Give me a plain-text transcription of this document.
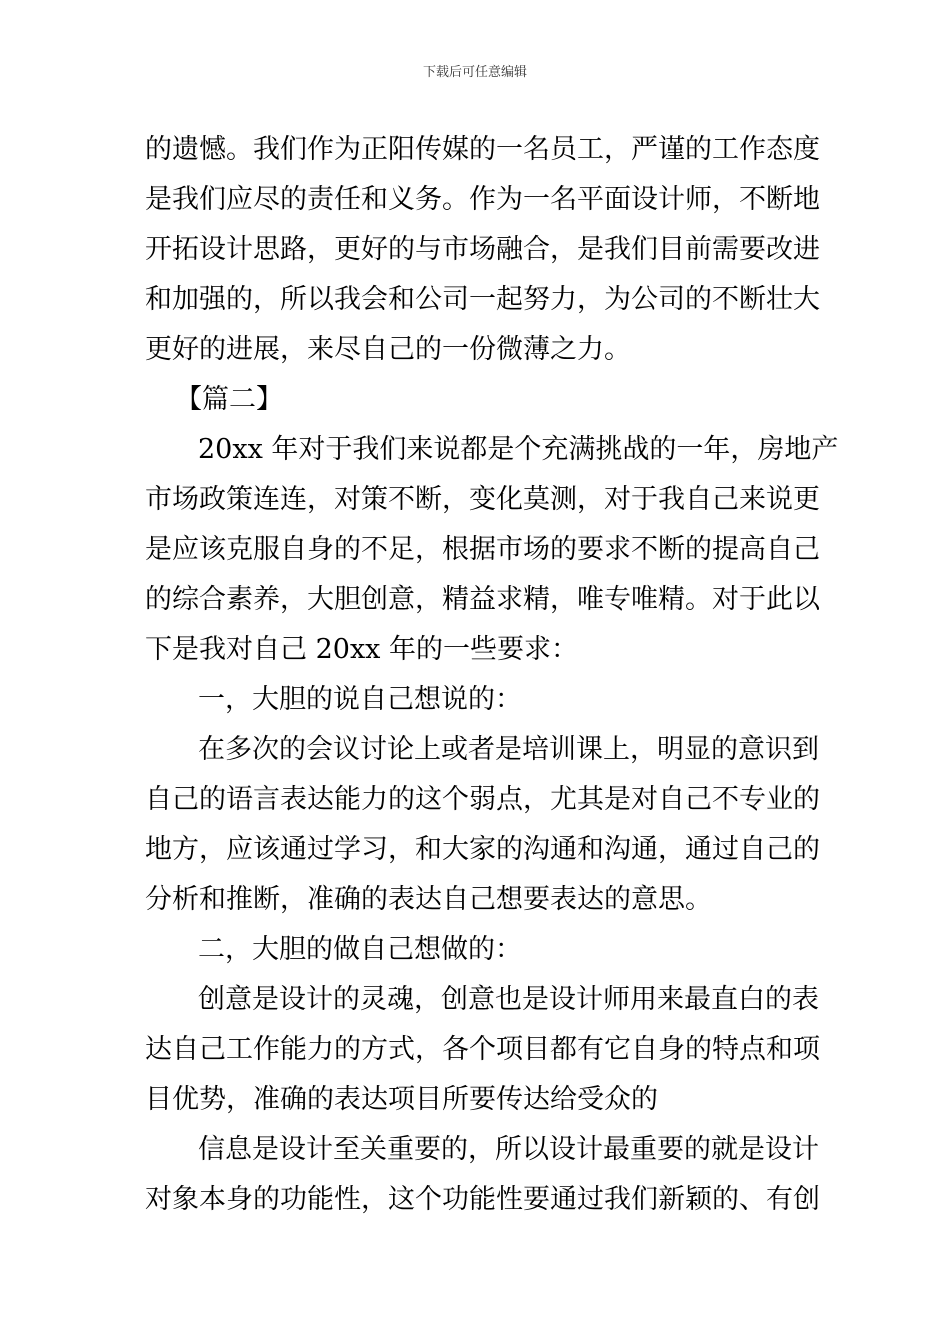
下载后可任意编辑
的遗憾。我们作为正阳传媒的一名员工，严谨的工作态度
是我们应尽的责任和义务。作为一名平面设计师，不断地
开拓设计思路，更好的与市场融合，是我们目前需要改进
和加强的，所以我会和公司一起努力，为公司的不断壮大
更好的进展，来尽自己的一份微薄之力。
【篇二】
20xx 年对于我们来说都是个充满挑战的一年，房地产
市场政策连连，对策不断，变化莫测，对于我自己来说更
是应该克服自身的不足，根据市场的要求不断的提高自己
的综合素养，大胆创意，精益求精，唯专唯精。对于此以
下是我对自己 20xx 年的一些要求：
一，大胆的说自己想说的：
在多次的会议讨论上或者是培训课上，明显的意识到
自己的语言表达能力的这个弱点，尤其是对自己不专业的
地方，应该通过学习，和大家的沟通和沟通，通过自己的
分析和推断，准确的表达自己想要表达的意思。
二，大胆的做自己想做的：
创意是设计的灵魂，创意也是设计师用来最直白的表
达自己工作能力的方式，各个项目都有它自身的特点和项
目优势，准确的表达项目所要传达给受众的
信息是设计至关重要的，所以设计最重要的就是设计
对象本身的功能性，这个功能性要通过我们新颖的、有创
